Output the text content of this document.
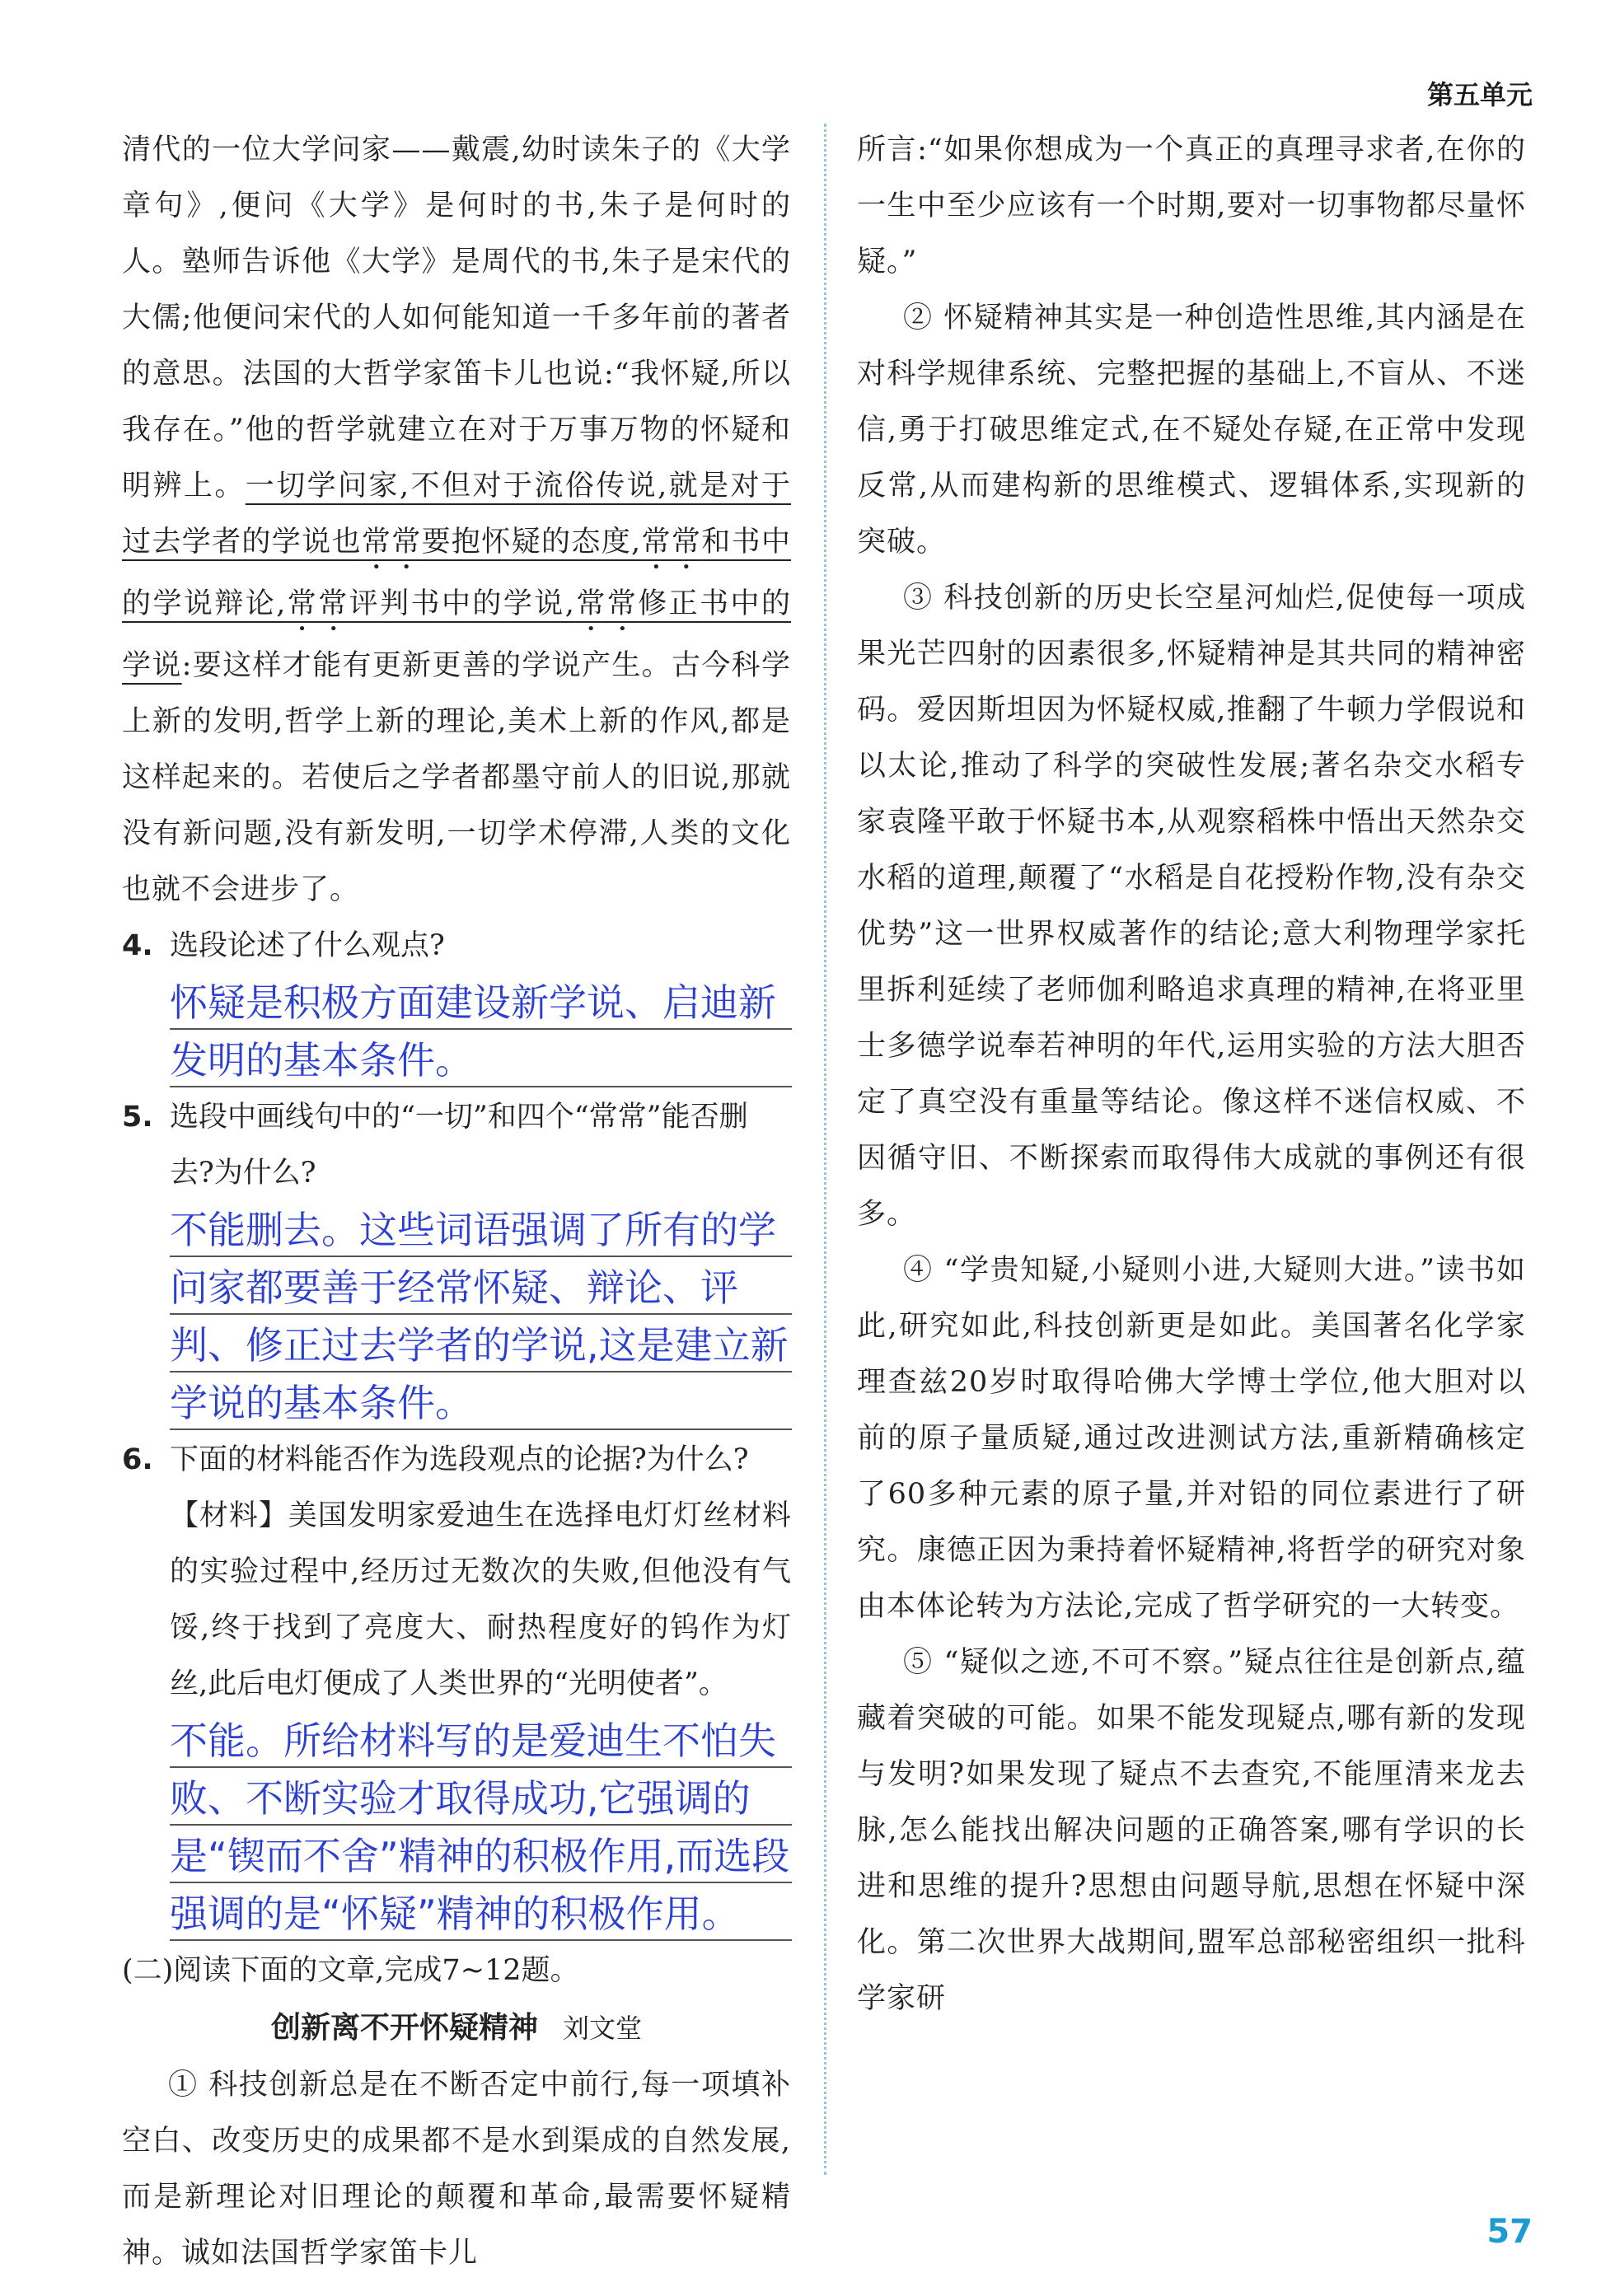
第五单元

清代的一位大学问家——戴震,幼时读朱子的《大学章句》,便问《大学》是何时的书,朱子是何时的人。塾师告诉他《大学》是周代的书,朱子是宋代的大儒;他便问宋代的人如何能知道一千多年前的著者的意思。法国的大哲学家笛卡儿也说:“我怀疑,所以我存在。”他的哲学就建立在对于万事万物的怀疑和明辨上。一切学问家,不但对于流俗传说,就是对于过去学者的学说也常常要抱怀疑的态度,常常和书中的学说辩论,常常评判书中的学说,常常修正书中的学说:要这样才能有更新更善的学说产生。古今科学上新的发明,哲学上新的理论,美术上新的作风,都是这样起来的。若使后之学者都墨守前人的旧说,那就没有新问题,没有新发明,一切学术停滞,人类的文化也就不会进步了。

4. 选段论述了什么观点?

怀疑是积极方面建设新学说、启迪新发明的基本条件。

5. 选段中画线句中的“一切”和四个“常常”能否删去?为什么?

不能删去。这些词语强调了所有的学问家都要善于经常怀疑、辩论、评判、修正过去学者的学说,这是建立新学说的基本条件。

6. 下面的材料能否作为选段观点的论据?为什么?

【材料】美国发明家爱迪生在选择电灯灯丝材料的实验过程中,经历过无数次的失败,但他没有气馁,终于找到了亮度大、耐热程度好的钨作为灯丝,此后电灯便成了人类世界的“光明使者”。

不能。所给材料写的是爱迪生不怕失败、不断实验才取得成功,它强调的是“锲而不舍”精神的积极作用,而选段强调的是“怀疑”精神的积极作用。

(二)阅读下面的文章,完成7~12题。

创新离不开怀疑精神 刘文堂

① 科技创新总是在不断否定中前行,每一项填补空白、改变历史的成果都不是水到渠成的自然发展,而是新理论对旧理论的颠覆和革命,最需要怀疑精神。诚如法国哲学家笛卡儿

所言:“如果你想成为一个真正的真理寻求者,在你的一生中至少应该有一个时期,要对一切事物都尽量怀疑。”

② 怀疑精神其实是一种创造性思维,其内涵是在对科学规律系统、完整把握的基础上,不盲从、不迷信,勇于打破思维定式,在不疑处存疑,在正常中发现反常,从而建构新的思维模式、逻辑体系,实现新的突破。

③ 科技创新的历史长空星河灿烂,促使每一项成果光芒四射的因素很多,怀疑精神是其共同的精神密码。爱因斯坦因为怀疑权威,推翻了牛顿力学假说和以太论,推动了科学的突破性发展;著名杂交水稻专家袁隆平敢于怀疑书本,从观察稻株中悟出天然杂交水稻的道理,颠覆了“水稻是自花授粉作物,没有杂交优势”这一世界权威著作的结论;意大利物理学家托里拆利延续了老师伽利略追求真理的精神,在将亚里士多德学说奉若神明的年代,运用实验的方法大胆否定了真空没有重量等结论。像这样不迷信权威、不因循守旧、不断探索而取得伟大成就的事例还有很多。

④ “学贵知疑,小疑则小进,大疑则大进。”读书如此,研究如此,科技创新更是如此。美国著名化学家理查兹20岁时取得哈佛大学博士学位,他大胆对以前的原子量质疑,通过改进测试方法,重新精确核定了60多种元素的原子量,并对铅的同位素进行了研究。康德正因为秉持着怀疑精神,将哲学的研究对象由本体论转为方法论,完成了哲学研究的一大转变。

⑤ “疑似之迹,不可不察。”疑点往往是创新点,蕴藏着突破的可能。如果不能发现疑点,哪有新的发现与发明?如果发现了疑点不去查究,不能厘清来龙去脉,怎么能找出解决问题的正确答案,哪有学识的长进和思维的提升?思想由问题导航,思想在怀疑中深化。第二次世界大战期间,盟军总部秘密组织一批科学家研

57
